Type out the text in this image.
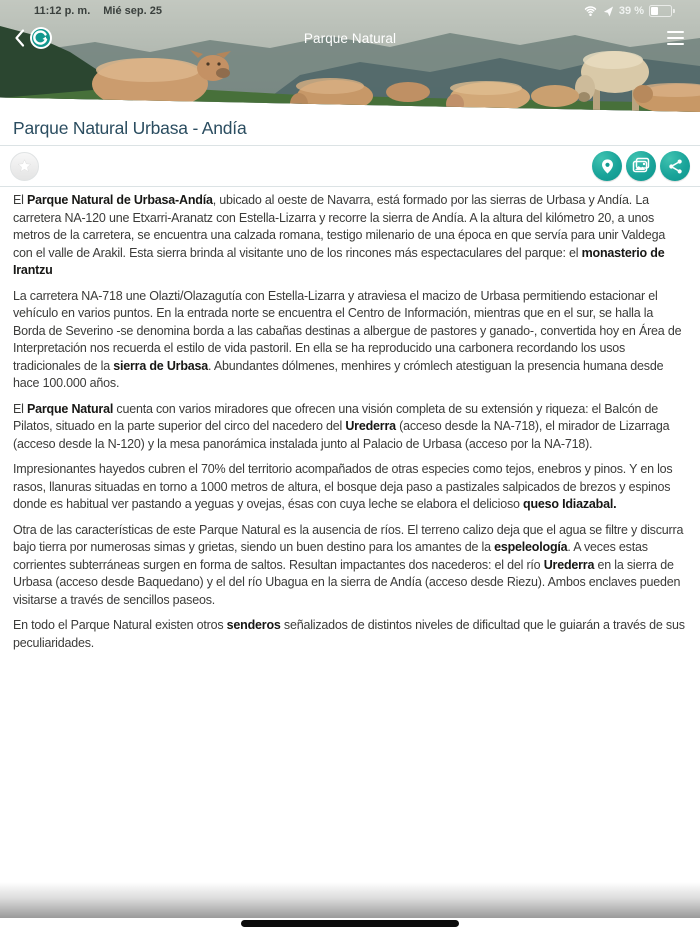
11:12 p. m. Mié sep. 25	39 %
Parque Natural
Parque Natural Urbasa - Andía

El Parque Natural de Urbasa-Andía, ubicado al oeste de Navarra, está formado por las sierras de Urbasa y Andía. La carretera NA-120 une Etxarri-Aranatz con Estella-Lizarra y recorre la sierra de Andía. A la altura del kilómetro 20, a unos metros de la carretera, se encuentra una calzada romana, testigo milenario de una época en que servía para unir Valdega con el valle de Arakil. Esta sierra brinda al visitante uno de los rincones más espectaculares del parque: el monasterio de Irantzu

La carretera NA-718 une Olazti/Olazagutía con Estella-Lizarra y atraviesa el macizo de Urbasa permitiendo estacionar el vehículo en varios puntos. En la entrada norte se encuentra el Centro de Información, mientras que en el sur, se halla la Borda de Severino -se denomina borda a las cabañas destinas a albergue de pastores y ganado-, convertida hoy en Área de Interpretación nos recuerda el estilo de vida pastoril. En ella se ha reproducido una carbonera recordando los usos tradicionales de la sierra de Urbasa. Abundantes dólmenes, menhires y crómlech atestiguan la presencia humana desde hace 100.000 años.

El Parque Natural cuenta con varios miradores que ofrecen una visión completa de su extensión y riqueza: el Balcón de Pilatos, situado en la parte superior del circo del nacedero del Urederra (acceso desde la NA-718), el mirador de Lizarraga (acceso desde la N-120) y la mesa panorámica instalada junto al Palacio de Urbasa (acceso por la NA-718).

Impresionantes hayedos cubren el 70% del territorio acompañados de otras especies como tejos, enebros y pinos. Y en los rasos, llanuras situadas en torno a 1000 metros de altura, el bosque deja paso a pastizales salpicados de brezos y espinos donde es habitual ver pastando a yeguas y ovejas, ésas con cuya leche se elabora el delicioso queso Idiazabal.

Otra de las características de este Parque Natural es la ausencia de ríos. El terreno calizo deja que el agua se filtre y discurra bajo tierra por numerosas simas y grietas, siendo un buen destino para los amantes de la espeleología. A veces estas corrientes subterráneas surgen en forma de saltos. Resultan impactantes dos nacederos: el del río Urederra en la sierra de Urbasa (acceso desde Baquedano) y el del río Ubagua en la sierra de Andía (acceso desde Riezu). Ambos enclaves pueden visitarse a través de sencillos paseos.

En todo el Parque Natural existen otros senderos señalizados de distintos niveles de dificultad que le guiarán a través de sus peculiaridades.
